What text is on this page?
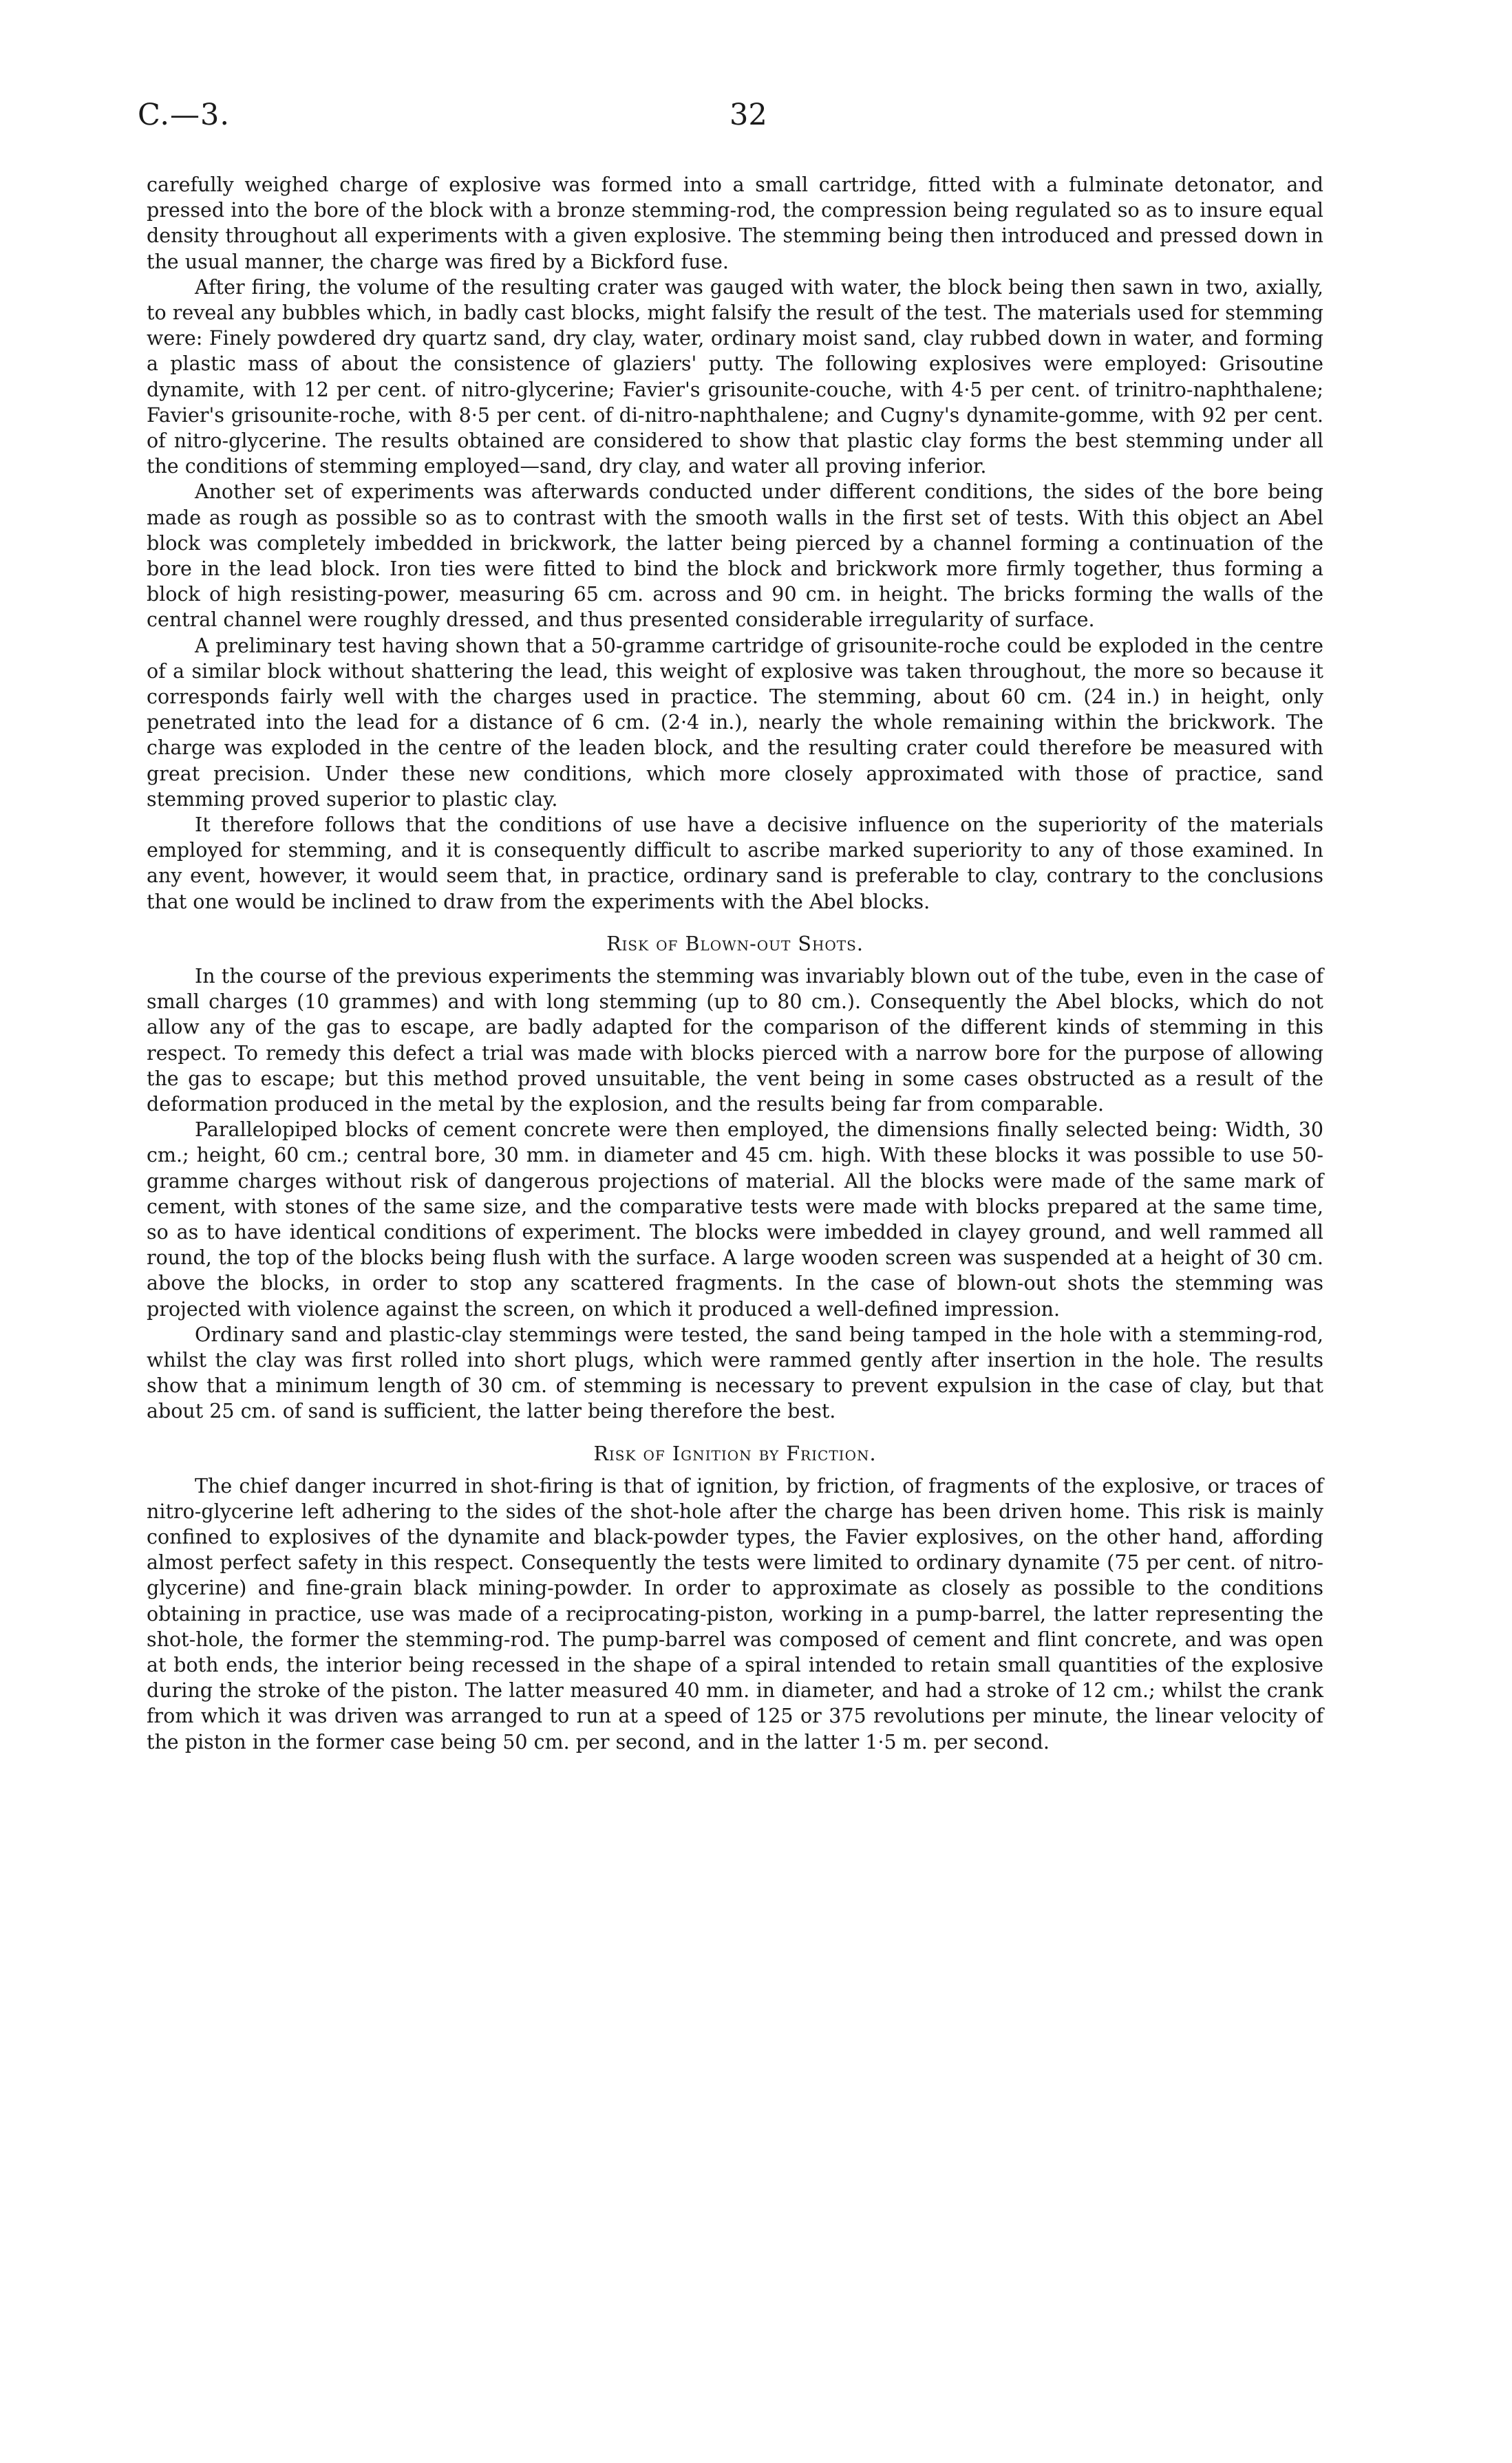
C.—3.	32

carefully weighed charge of explosive was formed into a small cartridge, fitted with a fulminate detonator, and pressed into the bore of the block with a bronze stemming-rod, the compression being regulated so as to insure equal density throughout all experiments with a given explosive. The stemming being then introduced and pressed down in the usual manner, the charge was fired by a Bickford fuse.

After firing, the volume of the resulting crater was gauged with water, the block being then sawn in two, axially, to reveal any bubbles which, in badly cast blocks, might falsify the result of the test. The materials used for stemming were: Finely powdered dry quartz sand, dry clay, water, ordinary moist sand, clay rubbed down in water, and forming a plastic mass of about the consistence of glaziers' putty. The following explosives were employed: Grisoutine dynamite, with 12 per cent. of nitro-glycerine; Favier's grisounite-couche, with 4·5 per cent. of trinitro-naphthalene; Favier's grisounite-roche, with 8·5 per cent. of di-nitro-naphthalene; and Cugny's dynamite-gomme, with 92 per cent. of nitro-glycerine. The results obtained are considered to show that plastic clay forms the best stemming under all the conditions of stemming employed—sand, dry clay, and water all proving inferior.

Another set of experiments was afterwards conducted under different conditions, the sides of the bore being made as rough as possible so as to contrast with the smooth walls in the first set of tests. With this object an Abel block was completely imbedded in brickwork, the latter being pierced by a channel forming a continuation of the bore in the lead block. Iron ties were fitted to bind the block and brickwork more firmly together, thus forming a block of high resisting-power, measuring 65 cm. across and 90 cm. in height. The bricks forming the walls of the central channel were roughly dressed, and thus presented considerable irregularity of surface.

A preliminary test having shown that a 50-gramme cartridge of grisounite-roche could be exploded in the centre of a similar block without shattering the lead, this weight of explosive was taken throughout, the more so because it corresponds fairly well with the charges used in practice. The stemming, about 60 cm. (24 in.) in height, only penetrated into the lead for a distance of 6 cm. (2·4 in.), nearly the whole remaining within the brickwork. The charge was exploded in the centre of the leaden block, and the resulting crater could therefore be measured with great precision. Under these new conditions, which more closely approximated with those of practice, sand stemming proved superior to plastic clay.

It therefore follows that the conditions of use have a decisive influence on the superiority of the materials employed for stemming, and it is consequently difficult to ascribe marked superiority to any of those examined. In any event, however, it would seem that, in practice, ordinary sand is preferable to clay, contrary to the conclusions that one would be inclined to draw from the experiments with the Abel blocks.

Risk of Blown-out Shots.

In the course of the previous experiments the stemming was invariably blown out of the tube, even in the case of small charges (10 grammes) and with long stemming (up to 80 cm.). Consequently the Abel blocks, which do not allow any of the gas to escape, are badly adapted for the comparison of the different kinds of stemming in this respect. To remedy this defect a trial was made with blocks pierced with a narrow bore for the purpose of allowing the gas to escape; but this method proved unsuitable, the vent being in some cases obstructed as a result of the deformation produced in the metal by the explosion, and the results being far from comparable.

Parallelopiped blocks of cement concrete were then employed, the dimensions finally selected being: Width, 30 cm.; height, 60 cm.; central bore, 30 mm. in diameter and 45 cm. high. With these blocks it was possible to use 50-gramme charges without risk of dangerous projections of material. All the blocks were made of the same mark of cement, with stones of the same size, and the comparative tests were made with blocks prepared at the same time, so as to have identical conditions of experiment. The blocks were imbedded in clayey ground, and well rammed all round, the top of the blocks being flush with the surface. A large wooden screen was suspended at a height of 30 cm. above the blocks, in order to stop any scattered fragments. In the case of blown-out shots the stemming was projected with violence against the screen, on which it produced a well-defined impression.

Ordinary sand and plastic-clay stemmings were tested, the sand being tamped in the hole with a stemming-rod, whilst the clay was first rolled into short plugs, which were rammed gently after insertion in the hole. The results show that a minimum length of 30 cm. of stemming is necessary to prevent expulsion in the case of clay, but that about 25 cm. of sand is sufficient, the latter being therefore the best.

Risk of Ignition by Friction.

The chief danger incurred in shot-firing is that of ignition, by friction, of fragments of the explosive, or traces of nitro-glycerine left adhering to the sides of the shot-hole after the charge has been driven home. This risk is mainly confined to explosives of the dynamite and black-powder types, the Favier explosives, on the other hand, affording almost perfect safety in this respect. Consequently the tests were limited to ordinary dynamite (75 per cent. of nitro-glycerine) and fine-grain black mining-powder. In order to approximate as closely as possible to the conditions obtaining in practice, use was made of a reciprocating-piston, working in a pump-barrel, the latter representing the shot-hole, the former the stemming-rod. The pump-barrel was composed of cement and flint concrete, and was open at both ends, the interior being recessed in the shape of a spiral intended to retain small quantities of the explosive during the stroke of the piston. The latter measured 40 mm. in diameter, and had a stroke of 12 cm.; whilst the crank from which it was driven was arranged to run at a speed of 125 or 375 revolutions per minute, the linear velocity of the piston in the former case being 50 cm. per second, and in the latter 1·5 m. per second.
